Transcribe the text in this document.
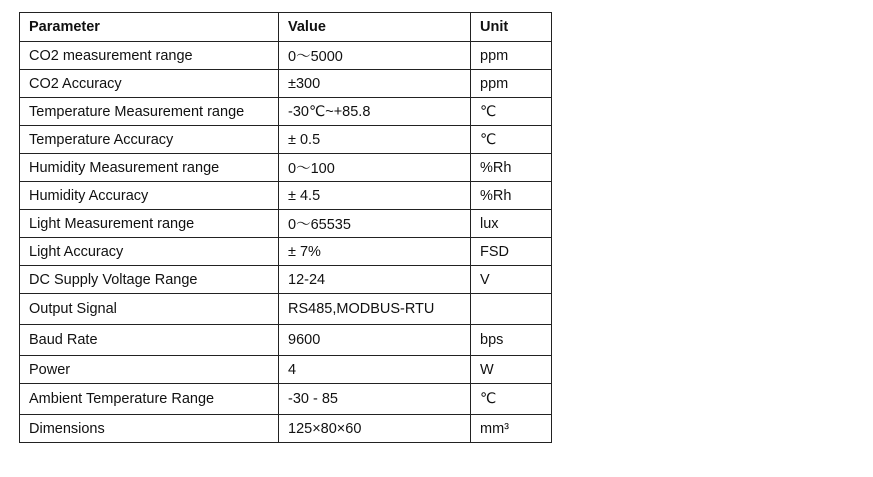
Parameter	Value	Unit
CO2 measurement range	0～5000	ppm
CO2 Accuracy	±300	ppm
Temperature Measurement range	-30℃~+85.8	℃
Temperature Accuracy	± 0.5	℃
Humidity Measurement range	0～100	%Rh
Humidity Accuracy	± 4.5	%Rh
Light Measurement range	0～65535	lux
Light Accuracy	± 7%	FSD
DC Supply Voltage Range	12-24	V
Output Signal	RS485,MODBUS-RTU	
Baud Rate	9600	bps
Power	4	W
Ambient Temperature Range	-30 - 85	℃
Dimensions	125×80×60	mm³
